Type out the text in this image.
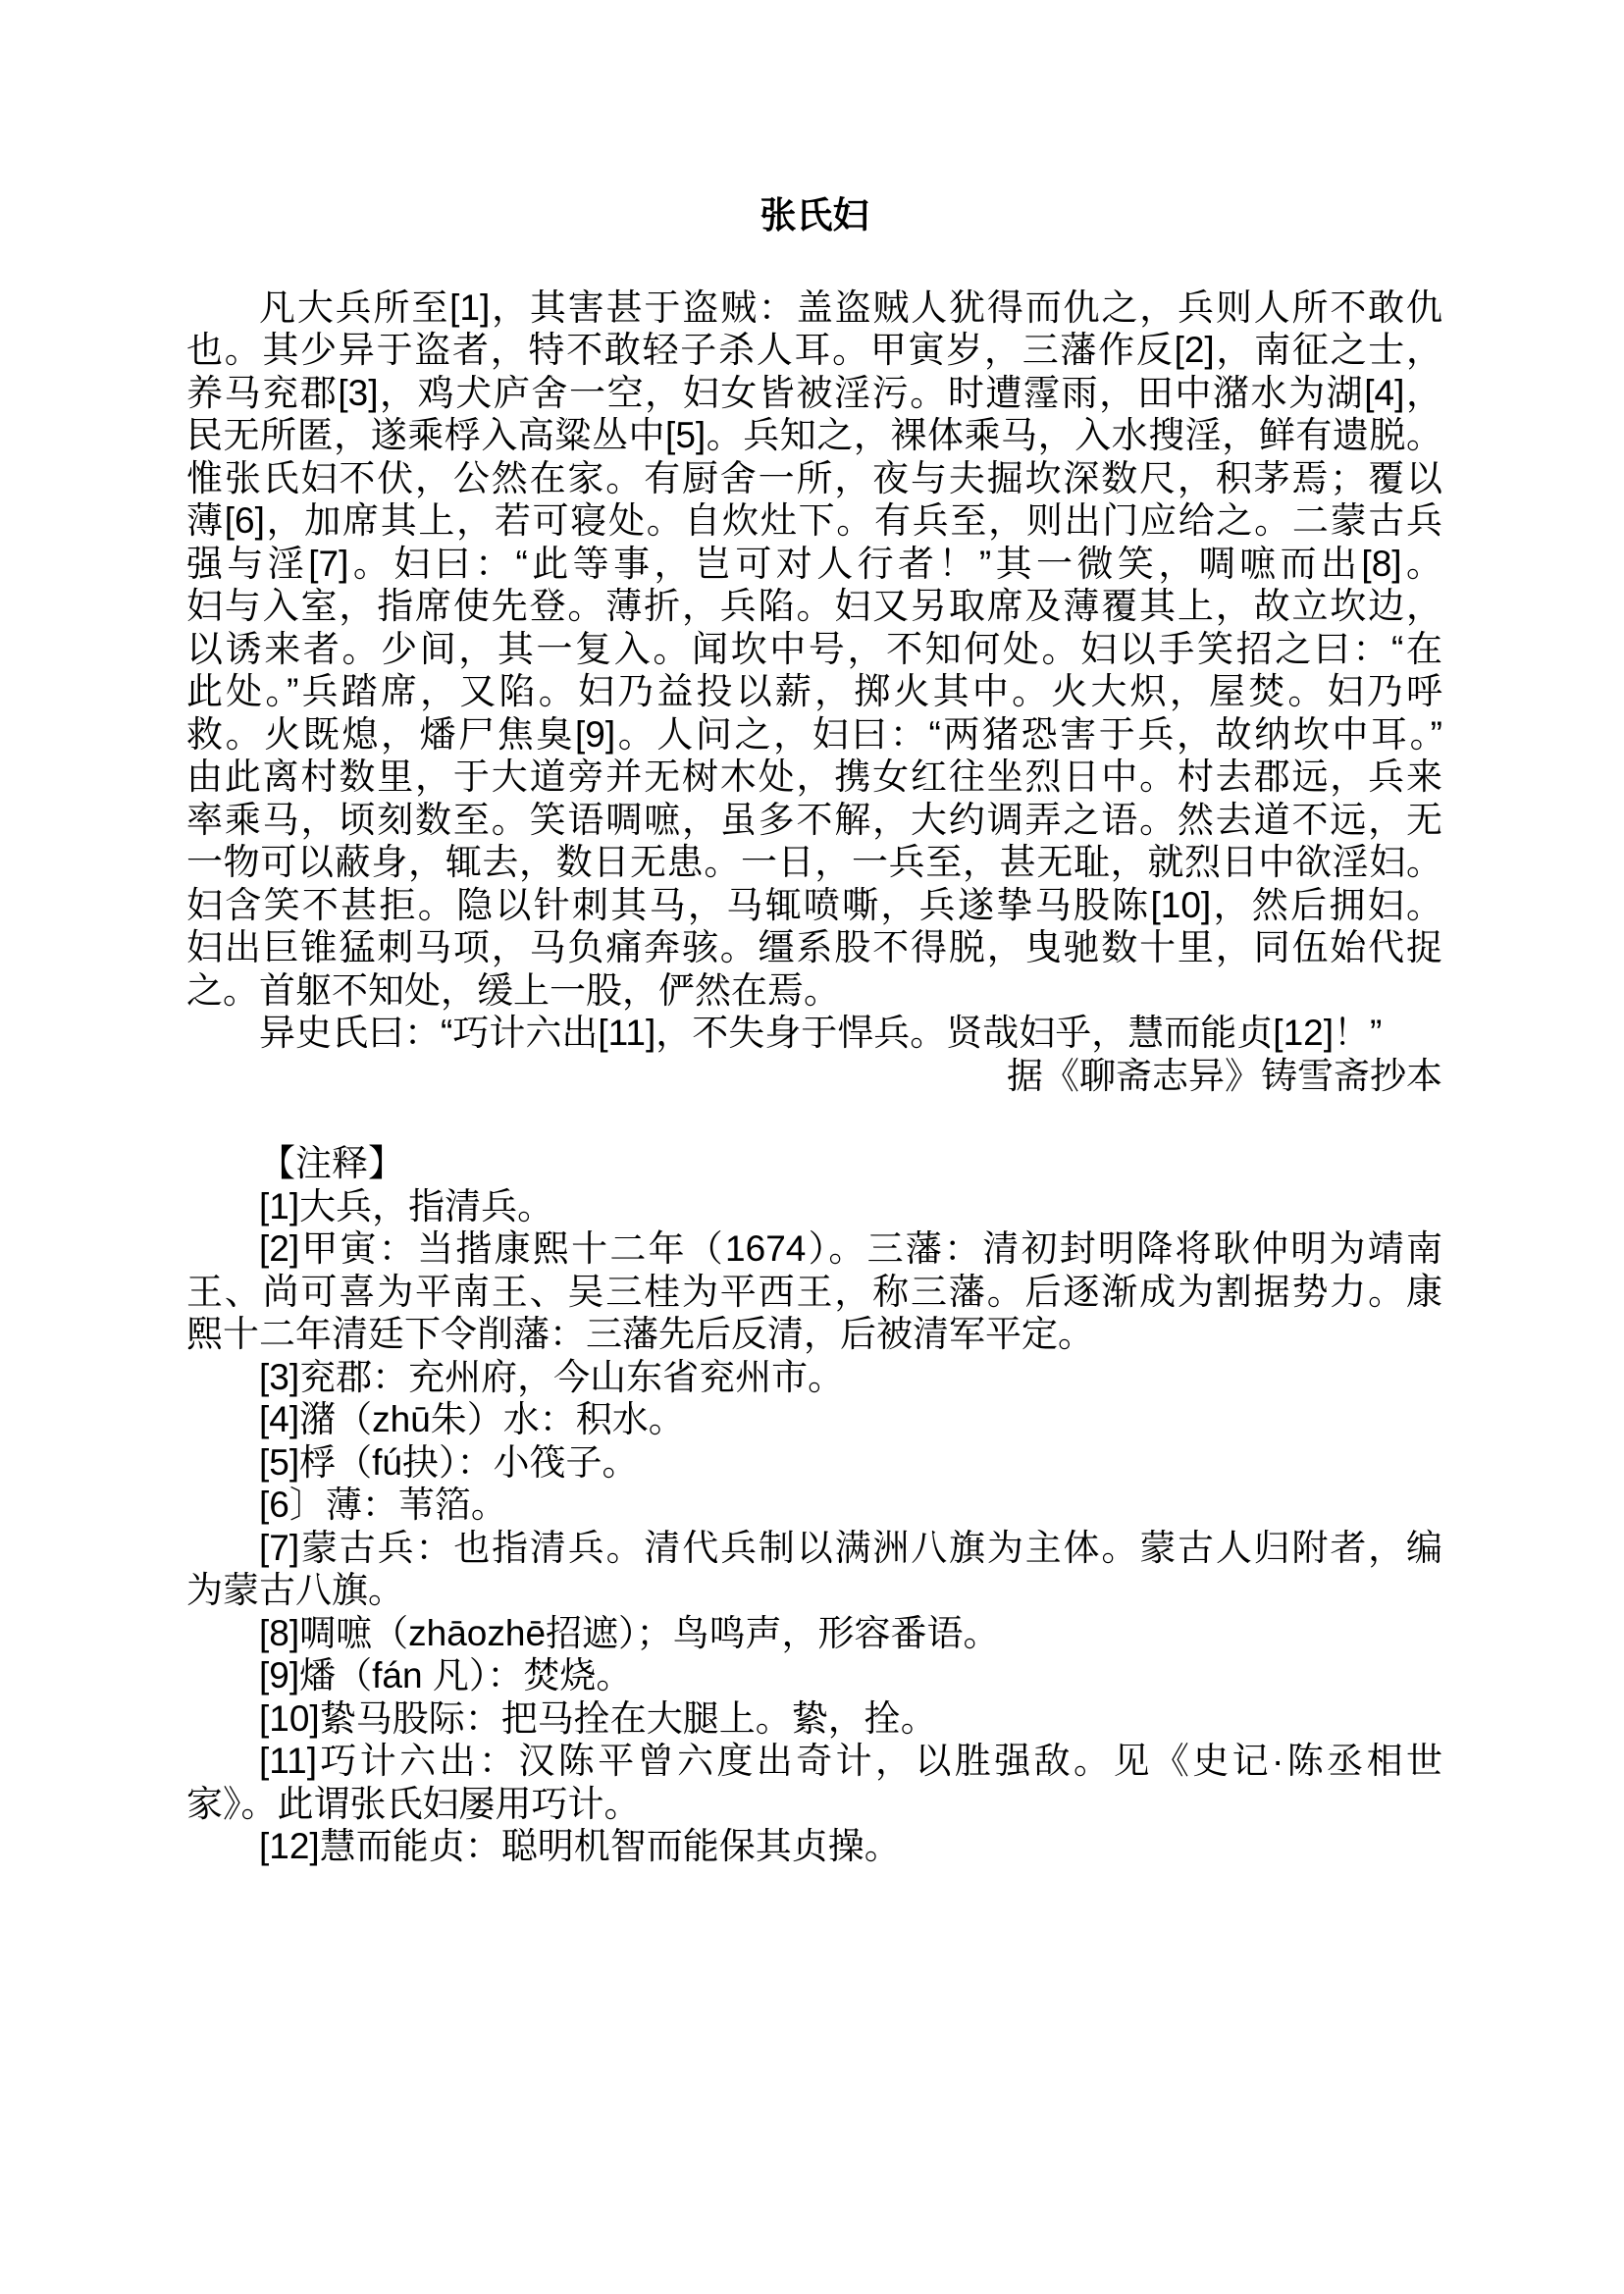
张氏妇
凡大兵所至[1]，其害甚于盗贼：盖盗贼人犹得而仇之，兵则人所不敢仇
也。其少异于盗者，特不敢轻子杀人耳。甲寅岁，三藩作反[2]，南征之士，
养马兖郡[3]，鸡犬庐舍一空，妇女皆被淫污。时遭霪雨，田中潴水为湖[4]，
民无所匿，遂乘桴入高粱丛中[5]。兵知之，裸体乘马，入水搜淫，鲜有遗脱。
惟张氏妇不伏，公然在家。有厨舍一所，夜与夫掘坎深数尺，积茅焉；覆以
薄[6]，加席其上，若可寝处。自炊灶下。有兵至，则出门应给之。二蒙古兵
强与淫[7]。妇曰：“此等事，岂可对人行者！”其一微笑，啁嗻而出[8]。
妇与入室，指席使先登。薄折，兵陷。妇又另取席及薄覆其上，故立坎边，
以诱来者。少间，其一复入。闻坎中号，不知何处。妇以手笑招之曰：“在
此处。”兵踏席，又陷。妇乃益投以薪，掷火其中。火大炽，屋焚。妇乃呼
救。火既熄，燔尸焦臭[9]。人问之，妇曰：“两猪恐害于兵，故纳坎中耳。”
由此离村数里，于大道旁并无树木处，携女红往坐烈日中。村去郡远，兵来
率乘马，顷刻数至。笑语啁嗻，虽多不解，大约调弄之语。然去道不远，无
一物可以蔽身，辄去，数日无患。一日，一兵至，甚无耻，就烈日中欲淫妇。
妇含笑不甚拒。隐以针刺其马，马辄喷嘶，兵遂挚马股陈[10]，然后拥妇。
妇出巨锥猛刺马项，马负痛奔骇。缰系股不得脱，曳驰数十里，同伍始代捉
之。首躯不知处，缓上一股，俨然在焉。
异史氏曰：“巧计六出[11]，不失身于悍兵。贤哉妇乎，慧而能贞[12]！”
据《聊斋志异》铸雪斋抄本
【注释】
[1]大兵，指清兵。
[2]甲寅：当揩康熙十二年（1674）。三藩：清初封明降将耿仲明为靖南
王、尚可喜为平南王、吴三桂为平西王，称三藩。后逐渐成为割据势力。康
熙十二年清廷下令削藩：三藩先后反清，后被清军平定。
[3]兖郡：充州府，今山东省兖州市。
[4]潴（zhū朱）水：积水。
[5]桴（fú抉）：小筏子。
[6〕薄：苇箔。
[7]蒙古兵：也指清兵。清代兵制以满洲八旗为主体。蒙古人归附者，编
为蒙古八旗。
[8]啁嗻（zhāozhē招遮）；鸟鸣声，形容番语。
[9]燔（fán 凡）：焚烧。
[10]絷马股际：把马拴在大腿上。絷，拴。
[11]巧计六出：汉陈平曾六度出奇计，以胜强敌。见《史记·陈丞相世
家》。此谓张氏妇屡用巧计。
[12]慧而能贞：聪明机智而能保其贞操。
